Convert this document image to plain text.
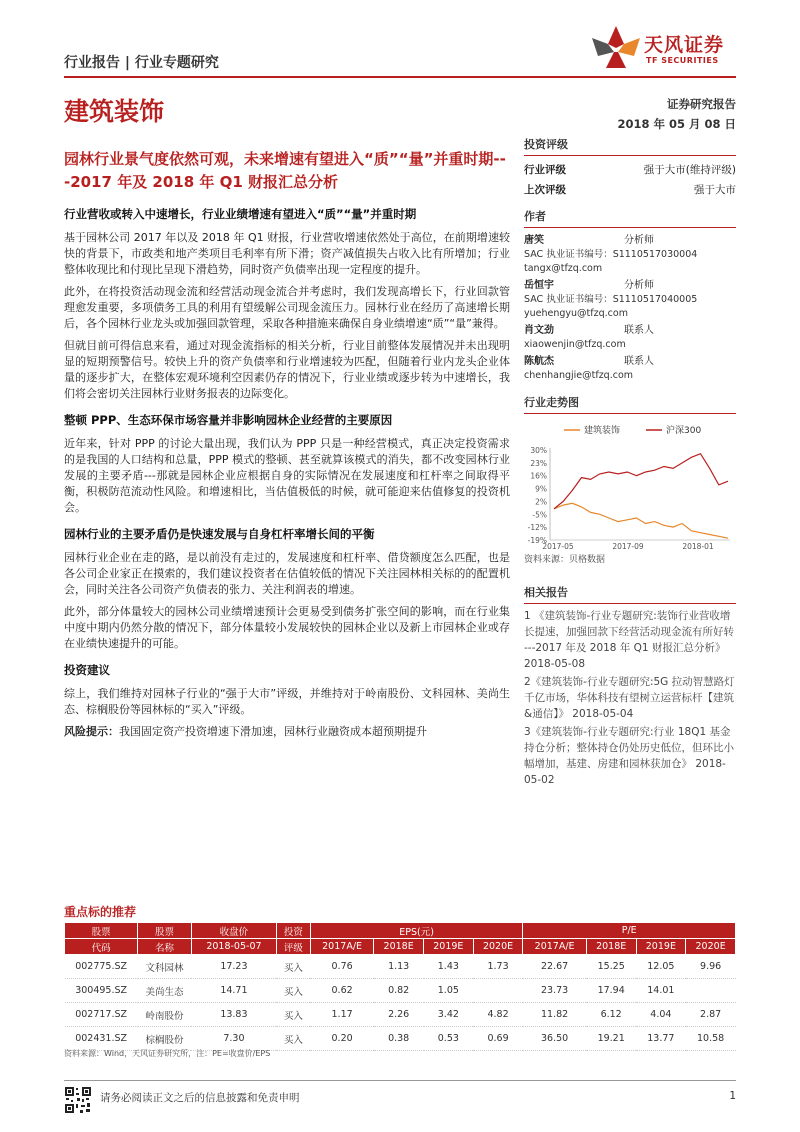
行业报告 | 行业专题研究
天风证券
TF SECURITIES
建筑装饰	证券研究报告
2018 年 05 月 08 日
园林行业景气度依然可观，未来增速有望进入“质”“量”并重时期---2017 年及 2018 年 Q1 财报汇总分析
投资评级
行业评级	强于大市(维持评级)
上次评级	强于大市
作者
唐笑	分析师
SAC 执业证书编号：S1110517030004
tangx@tfzq.com
岳恒宇	分析师
SAC 执业证书编号：S1110517040005
yuehengyu@tfzq.com
肖文劲	联系人
xiaowenjin@tfzq.com
陈航杰	联系人
chenhangjie@tfzq.com
行业走势图
建筑装饰	沪深300
30%
23%
16%
9%
2%
-5%
-12%
-19%
2017-05	2017-09	2018-01
资料来源：贝格数据
相关报告

1 《建筑装饰-行业专题研究:装饰行业营收增长提速，加强回款下经营活动现金流有所好转 ---2017 年及 2018 年 Q1 财报汇总分析》 2018-05-08

2《建筑装饰-行业专题研究:5G 拉动智慧路灯千亿市场，华体科技有望树立运营标杆【建筑&通信】》 2018-05-04

3《建筑装饰-行业专题研究:行业 18Q1 基金持仓分析；整体持仓仍处历史低位，但环比小幅增加，基建、房建和园林获加仓》 2018-05-02

行业营收或转入中速增长，行业业绩增速有望进入“质”“量”并重时期

基于园林公司 2017 年以及 2018 年 Q1 财报，行业营收增速依然处于高位，在前期增速较快的背景下，市政类和地产类项目毛利率有所下滑；资产减值损失占收入比有所增加；行业整体收现比和付现比呈现下滑趋势，同时资产负债率出现一定程度的提升。

此外，在将投资活动现金流和经营活动现金流合并考虑时，我们发现高增长下，行业回款管理愈发重要，多项债务工具的利用有望缓解公司现金流压力。园林行业在经历了高速增长期后，各个园林行业龙头或加强回款管理，采取各种措施来确保自身业绩增速“质”“量”兼得。

但就目前可得信息来看，通过对现金流指标的相关分析，行业目前整体发展情况并未出现明显的短期预警信号。较快上升的资产负债率和行业增速较为匹配，但随着行业内龙头企业体量的逐步扩大，在整体宏观环境利空因素仍存的情况下，行业业绩或逐步转为中速增长，我们将会密切关注园林行业财务报表的边际变化。

整顿 PPP、生态环保市场容量并非影响园林企业经营的主要原因

近年来，针对 PPP 的讨论大量出现，我们认为 PPP 只是一种经营模式，真正决定投资需求的是我国的人口结构和总量，PPP 模式的整顿、甚至就算该模式的消失，都不改变园林行业发展的主要矛盾---那就是园林企业应根据自身的实际情况在发展速度和杠杆率之间取得平衡，积极防范流动性风险。和增速相比，当估值极低的时候，就可能迎来估值修复的投资机会。

园林行业的主要矛盾仍是快速发展与自身杠杆率增长间的平衡

园林行业企业在走的路，是以前没有走过的，发展速度和杠杆率、借贷额度怎么匹配，也是各公司企业家正在摸索的，我们建议投资者在估值较低的情况下关注园林相关标的的配置机会，同时关注各公司资产负债表的张力、关注利润表的增速。

此外，部分体量较大的园林公司业绩增速预计会更易受到债务扩张空间的影响，而在行业集中度中期内仍然分散的情况下，部分体量较小发展较快的园林企业以及新上市园林企业或存在业绩快速提升的可能。

投资建议

综上，我们维持对园林子行业的“强于大市”评级，并维持对于岭南股份、文科园林、美尚生态、棕榈股份等园林标的“买入”评级。

风险提示：我国固定资产投资增速下滑加速，园林行业融资成本超预期提升

重点标的推荐
股票	股票	收盘价	投资	EPS(元)				P/E			
代码	名称	2018-05-07	评级	2017A/E	2018E	2019E	2020E	2017A/E	2018E	2019E	2020E
002775.SZ	文科园林	17.23	买入	0.76	1.13	1.43	1.73	22.67	15.25	12.05	9.96
300495.SZ	美尚生态	14.71	买入	0.62	0.82	1.05		23.73	17.94	14.01	
002717.SZ	岭南股份	13.83	买入	1.17	2.26	3.42	4.82	11.82	6.12	4.04	2.87
002431.SZ	棕榈股份	7.30	买入	0.20	0.38	0.53	0.69	36.50	19.21	13.77	10.58
资料来源：Wind，天风证券研究所，注：PE=收盘价/EPS
请务必阅读正文之后的信息披露和免责申明	1
